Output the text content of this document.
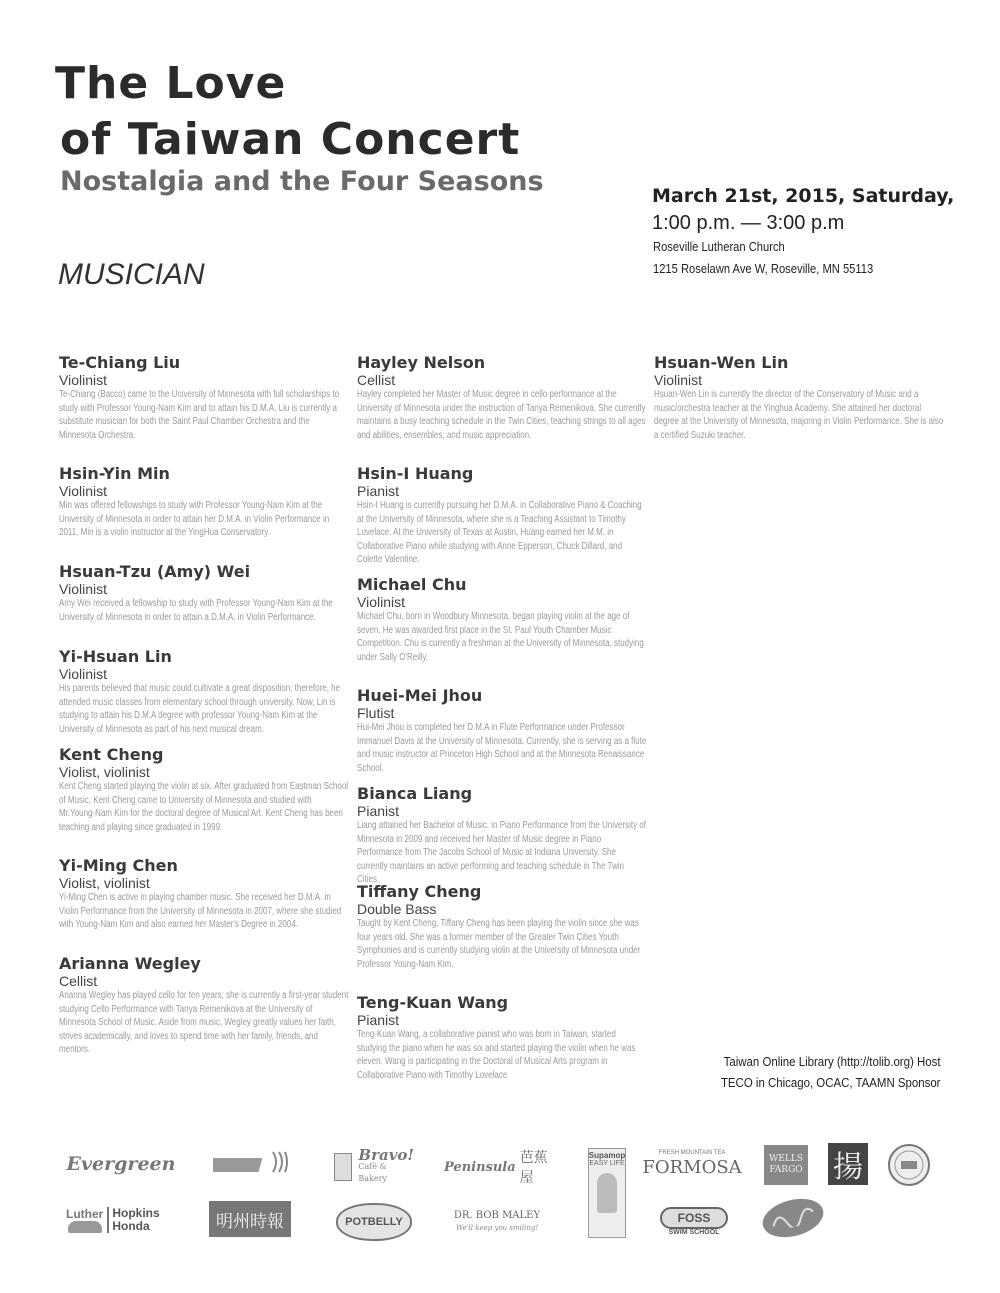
The Love
of Taiwan Concert
Nostalgia and the Four Seasons
MUSICIAN
March 21st, 2015, Saturday,
1:00 p.m. — 3:00 p.m
Roseville Lutheran Church
1215 Roselawn Ave W, Roseville, MN 55113
Te-Chiang Liu
Violinist
Te-Chiang (Bacco) came to the University of Minnesota with full scholarships to study with Professor Young-Nam Kim and to attain his D.M.A. Liu is currently a substitute musician for both the Saint Paul Chamber Orchestra and the Minnesota Orchestra.
Hsin-Yin Min
Violinist
Min was offered fellowships to study with Professor Young-Nam Kim at the University of Minnesota in order to attain her D.M.A. in Violin Performance in 2011. Min is a violin instructor at the YingHua Conservatory.
Hsuan-Tzu (Amy) Wei
Violinist
Amy Wei received a fellowship to study with Professor Young-Nam Kim at the University of Minnesota in order to attain a D.M.A. in Violin Performance.
Yi-Hsuan Lin
Violinist
His parents believed that music could cultivate a great disposition; therefore, he attended music classes from elementary school through university. Now, Lin is studying to attain his D.M.A degree with professor Young-Nam Kim at the University of Minnesota as part of his next musical dream.
Kent Cheng
Violist, violinist
Kent Cheng started playing the violin at six. After graduated from Eastman School of Music, Kent Cheng came to University of Minnesota and studied with Mr.Young-Nam Kim for the doctoral degree of Musical Art. Kent Cheng has been teaching and playing since graduated in 1999.
Yi-Ming Chen
Violist, violinist
Yi-Ming Chen is active in playing chamber music. She received her D.M.A. in Violin Performance from the University of Minnesota in 2007, where she studied with Young-Nam Kim and also earned her Master's Degree in 2004.
Arianna Wegley
Cellist
Arianna Wegley has played cello for ten years; she is currently a first-year student studying Cello Performance with Tanya Remenikova at the University of Minnesota School of Music. Aside from music, Wegley greatly values her faith, strives academically, and loves to spend time with her family, friends, and mentors.
Hayley Nelson
Cellist
Hayley completed her Master of Music degree in cello performance at the University of Minnesota under the instruction of Tanya Remenikova. She currently maintains a busy teaching schedule in the Twin Cities, teaching strings to all ages and abilities, ensembles, and music appreciation.
Hsin-I Huang
Pianist
Hsin-I Huang is currently pursuing her D.M.A. in Collaborative Piano & Coaching at the University of Minnesota, where she is a Teaching Assistant to Timothy Lovelace. At the University of Texas at Austin, Huang earned her M.M. in Collaborative Piano while studying with Anne Epperson, Chuck Dillard, and Colette Valentine.
Michael Chu
Violinist
Michael Chu, born in Woodbury Minnesota, began playing violin at the age of seven. He was awarded first place in the St. Paul Youth Chamber Music Competition. Chu is currently a freshman at the University of Minnesota, studying under Sally O'Reilly.
Huei-Mei Jhou
Flutist
Hui-Mei Jhou is completed her D.M.A in Flute Performance under Professor Immanuel Davis at the University of Minnesota. Currently, she is serving as a flute and music instructor at Princeton High School and at the Minnesota Renaissance School.
Bianca Liang
Pianist
Liang attained her Bachelor of Music. in Piano Performance from the University of Minnesota in 2009 and received her Master of Music degree in Piano Performance from The Jacobs School of Music at Indiana University. She currently maintains an active performing and teaching schedule in The Twin Cities.
Tiffany Cheng
Double Bass
Taught by Kent Cheng, Tiffany Cheng has been playing the violin since she was four years old. She was a former member of the Greater Twin Cities Youth Symphonies and is currently studying violin at the University of Minnesota under Professor Young-Nam Kim.
Teng-Kuan Wang
Pianist
Teng-Kuan Wang, a collaborative pianist who was born in Taiwan, started studying the piano when he was six and started playing the violin when he was eleven. Wang is participating in the Doctoral of Musical Arts program in Collaborative Piano with Timothy Lovelace
Hsuan-Wen Lin
Violinist
Hsuan-Wen Lin is currently the director of the Conservatory of Music and a music/orchestra teacher at the Yinghua Academy. She attained her doctoral degree at the University of Minnesota, majoring in Violin Performance. She is also a certified Suzuki teacher.
Taiwan Online Library (http://tolib.org) Host
TECO in Chicago, OCAC, TAAMN Sponsor
Evergreen	Bravo!
Café & Bakery
Peninsula
芭蕉屋
Supamop
EASY LIFE
FRESH MOUNTAIN TEA
FORMOSA	WELLS FARGO 揚
Luther Hopkins
Honda	明州時報	POTBELLY
DR. BOB MALEY
We'll keep you smiling!
FOSS
SWIM SCHOOL
